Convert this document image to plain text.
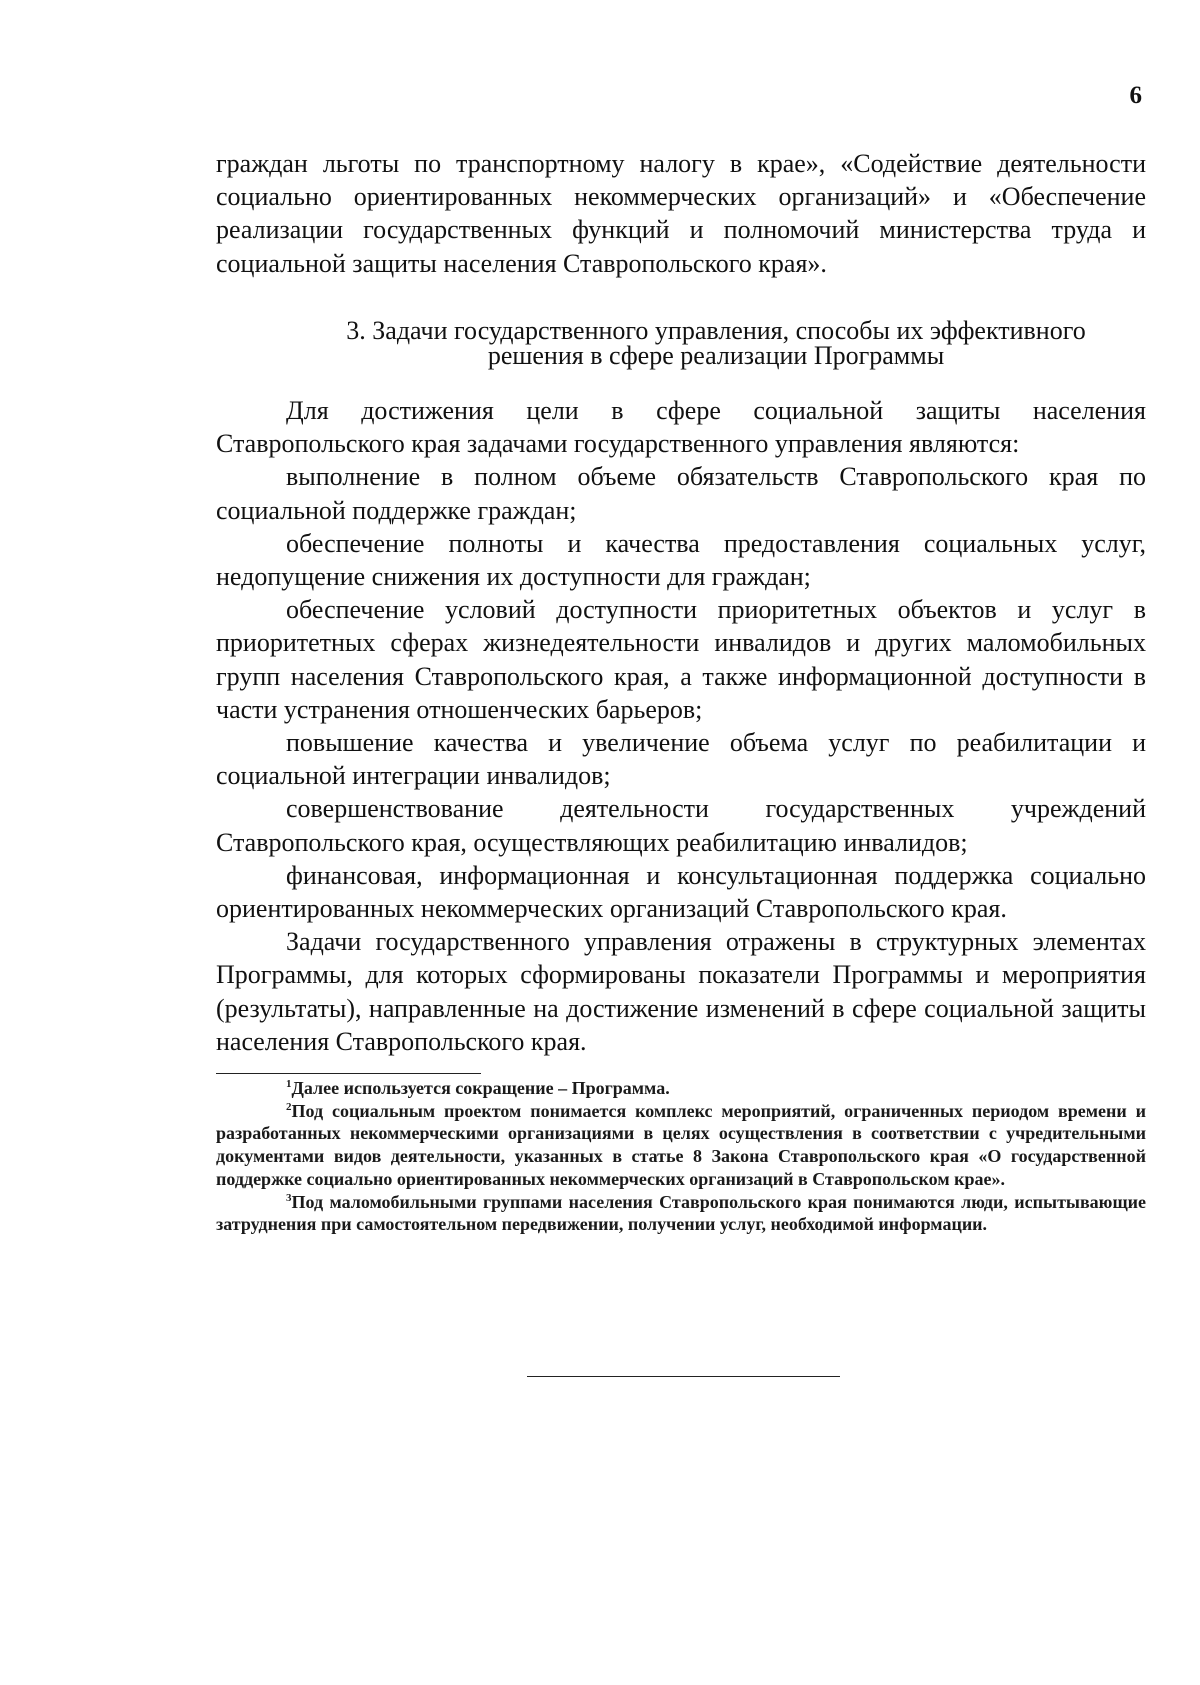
6

граждан льготы по транспортному налогу в крае», «Содействие деятельности социально ориентированных некоммерческих организаций» и «Обеспечение реализации государственных функций и полномочий министерства труда и социальной защиты населения Ставропольского края».

3. Задачи государственного управления, способы их эффективного
решения в сфере реализации Программы

Для достижения цели в сфере социальной защиты населения Ставропольского края задачами государственного управления являются:

выполнение в полном объеме обязательств Ставропольского края по социальной поддержке граждан;

обеспечение полноты и качества предоставления социальных услуг, недопущение снижения их доступности для граждан;

обеспечение условий доступности приоритетных объектов и услуг в приоритетных сферах жизнедеятельности инвалидов и других маломобильных групп населения Ставропольского края, а также информационной доступности в части устранения отношенческих барьеров;

повышение качества и увеличение объема услуг по реабилитации и социальной интеграции инвалидов;

совершенствование деятельности государственных учреждений Ставропольского края, осуществляющих реабилитацию инвалидов;

финансовая, информационная и консультационная поддержка социально ориентированных некоммерческих организаций Ставропольского края.

Задачи государственного управления отражены в структурных элементах Программы, для которых сформированы показатели Программы и мероприятия (результаты), направленные на достижение изменений в сфере социальной защиты населения Ставропольского края.

$^1$Далее используется сокращение – Программа.

$^2$Под социальным проектом понимается комплекс мероприятий, ограниченных периодом времени и разработанных некоммерческими организациями в целях осуществления в соответствии с учредительными документами видов деятельности, указанных в статье 8 Закона Ставропольского края «О государственной поддержке социально ориентированных некоммерческих организаций в Ставропольском крае».

$^3$Под маломобильными группами населения Ставропольского края понимаются люди, испытывающие затруднения при самостоятельном передвижении, получении услуг, необходимой информации.
